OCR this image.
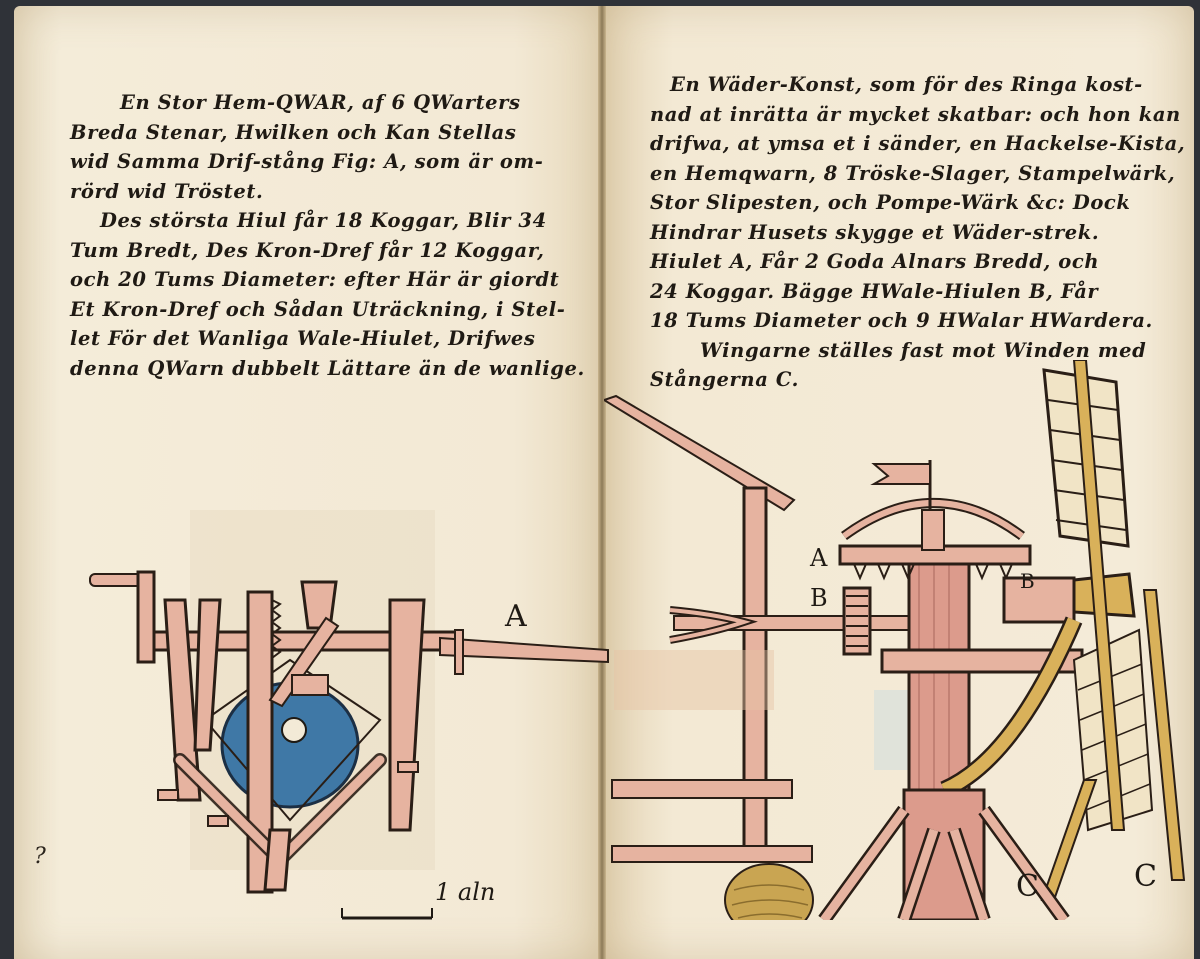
En Stor Hem-QWAR, af 6 QWarters
Breda Stenar, Hwilken och Kan Stellas
wid Samma Drif-stång Fig: A, som är om-
rörd wid Tröstet.

Des största Hiul får 18 Koggar, Blir 34
Tum Bredt, Des Kron-Dref får 12 Koggar,
och 20 Tums Diameter: efter Här är giordt
Et Kron-Dref och Sådan Uträckning, i Stel-
let För det Wanliga Wale-Hiulet, Drifwes
denna QWarn dubbelt Lättare än de wanlige.

?
A
1 aln

En Wäder-Konst, som för des Ringa kost-
nad at inrätta är mycket skatbar: och hon kan
drifwa, at ymsa et i sänder, en Hackelse-Kista,
en Hemqwarn, 8 Tröske-Slager, Stampelwärk,
Stor Slipesten, och Pompe-Wärk &c: Dock
Hindrar Husets skygge et Wäder-strek.
Hiulet A, Får 2 Goda Alnars Bredd, och
24 Koggar. Bägge HWale-Hiulen B, Får
18 Tums Diameter och 9 HWalar HWardera.
Wingarne ställes fast mot Winden med
Stångerna C.

A
B
B
C	C
